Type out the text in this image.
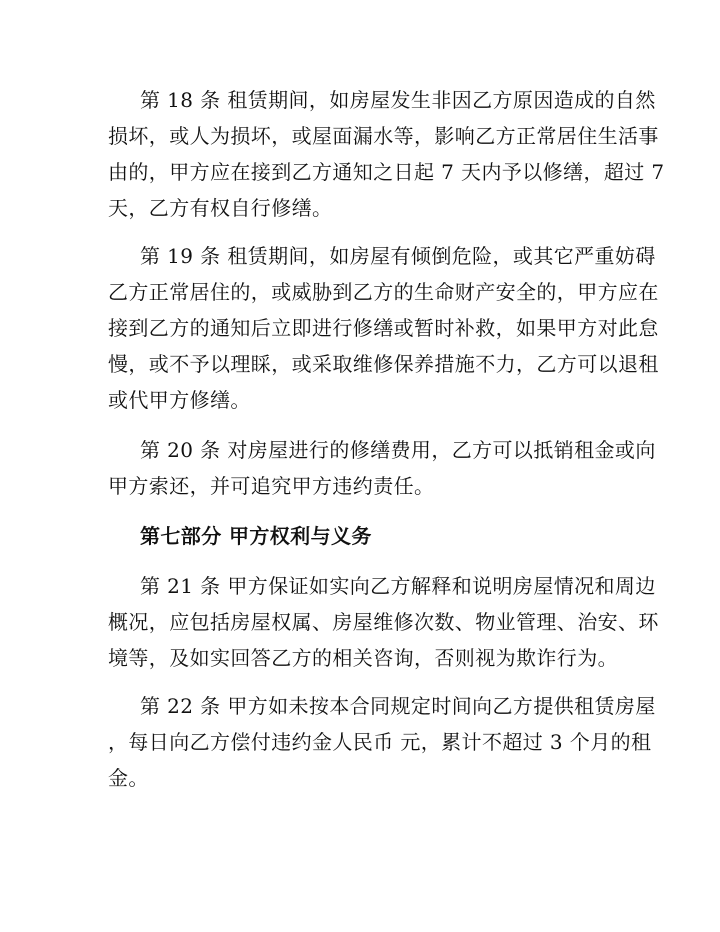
第 18 条 租赁期间，如房屋发生非因乙方原因造成的自然
损坏，或人为损坏，或屋面漏水等，影响乙方正常居住生活事
由的，甲方应在接到乙方通知之日起 7 天内予以修缮，超过 7
天，乙方有权自行修缮。
第 19 条 租赁期间，如房屋有倾倒危险，或其它严重妨碍
乙方正常居住的，或威胁到乙方的生命财产安全的，甲方应在
接到乙方的通知后立即进行修缮或暂时补救，如果甲方对此怠
慢，或不予以理睬，或采取维修保养措施不力，乙方可以退租
或代甲方修缮。
第 20 条 对房屋进行的修缮费用，乙方可以抵销租金或向
甲方索还，并可追究甲方违约责任。
第七部分 甲方权利与义务
第 21 条 甲方保证如实向乙方解释和说明房屋情况和周边
概况，应包括房屋权属、房屋维修次数、物业管理、治安、环
境等，及如实回答乙方的相关咨询，否则视为欺诈行为。
第 22 条 甲方如未按本合同规定时间向乙方提供租赁房屋
，每日向乙方偿付违约金人民币 元，累计不超过 3 个月的租
金。
